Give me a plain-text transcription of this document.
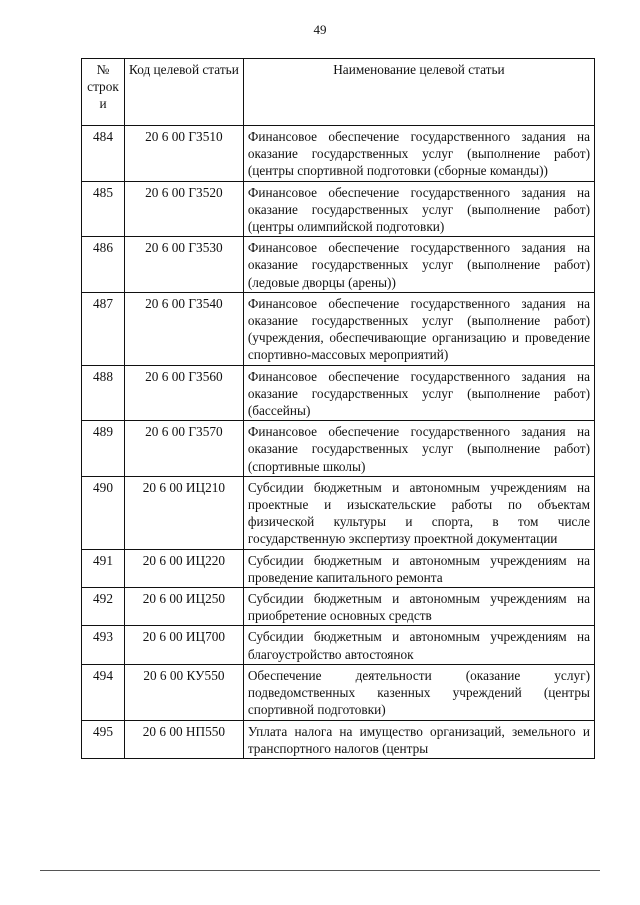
49
№ строк и	Код целевой статьи	Наименование целевой статьи
484	20 6 00 Г3510	Финансовое обеспечение государственного задания на оказание государственных услуг (выполнение работ) (центры спортивной подготовки (сборные команды))
485	20 6 00 Г3520	Финансовое обеспечение государственного задания на оказание государственных услуг (выполнение работ) (центры олимпийской подготовки)
486	20 6 00 Г3530	Финансовое обеспечение государственного задания на оказание государственных услуг (выполнение работ) (ледовые дворцы (арены))
487	20 6 00 Г3540	Финансовое обеспечение государственного задания на оказание государственных услуг (выполнение работ) (учреждения, обеспечивающие организацию и проведение спортивно-массовых мероприятий)
488	20 6 00 Г3560	Финансовое обеспечение государственного задания на оказание государственных услуг (выполнение работ) (бассейны)
489	20 6 00 Г3570	Финансовое обеспечение государственного задания на оказание государственных услуг (выполнение работ) (спортивные школы)
490	20 6 00 ИЦ210	Субсидии бюджетным и автономным учреждениям на проектные и изыскательские работы по объектам физической культуры и спорта, в том числе государственную экспертизу проектной документации
491	20 6 00 ИЦ220	Субсидии бюджетным и автономным учреждениям на проведение капитального ремонта
492	20 6 00 ИЦ250	Субсидии бюджетным и автономным учреждениям на приобретение основных средств
493	20 6 00 ИЦ700	Субсидии бюджетным и автономным учреждениям на благоустройство автостоянок
494	20 6 00 КУ550	Обеспечение деятельности (оказание услуг) подведомственных казенных учреждений (центры спортивной подготовки)
495	20 6 00 НП550	Уплата налога на имущество организаций, земельного и транспортного налогов (центры
